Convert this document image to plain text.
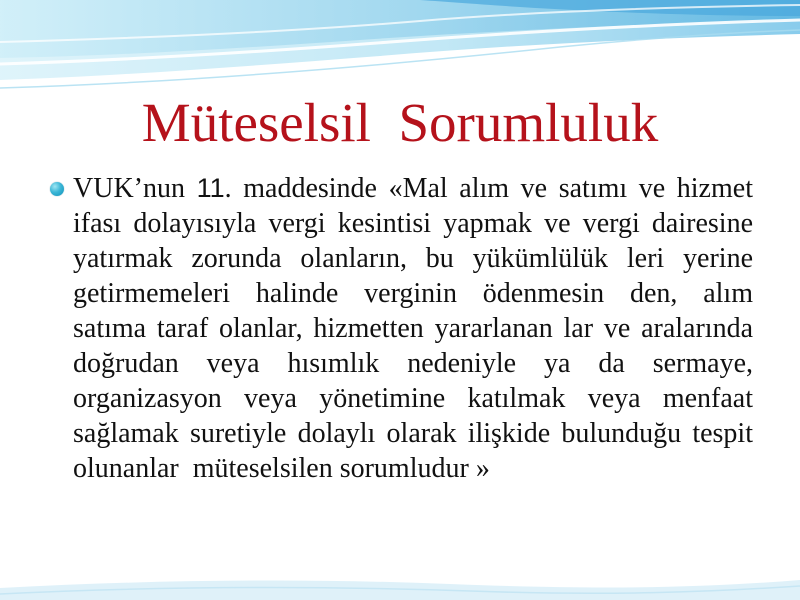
Müteselsil  Sorumluluk
VUK’nun 11. maddesinde «Mal alım ve satımı ve hizmet
ifası dolayısıyla vergi kesintisi yapmak ve vergi dairesine
yatırmak zorunda olanların, bu yükümlülük leri yerine
getirmemeleri halinde verginin ödenmesin den, alım
satıma taraf olanlar, hizmetten yararlanan lar ve aralarında
doğrudan veya hısımlık nedeniyle ya da sermaye,
organizasyon veya yönetimine katılmak veya menfaat
sağlamak suretiyle dolaylı olarak ilişkide bulunduğu tespit
olunanlar  müteselsilen sorumludur »
